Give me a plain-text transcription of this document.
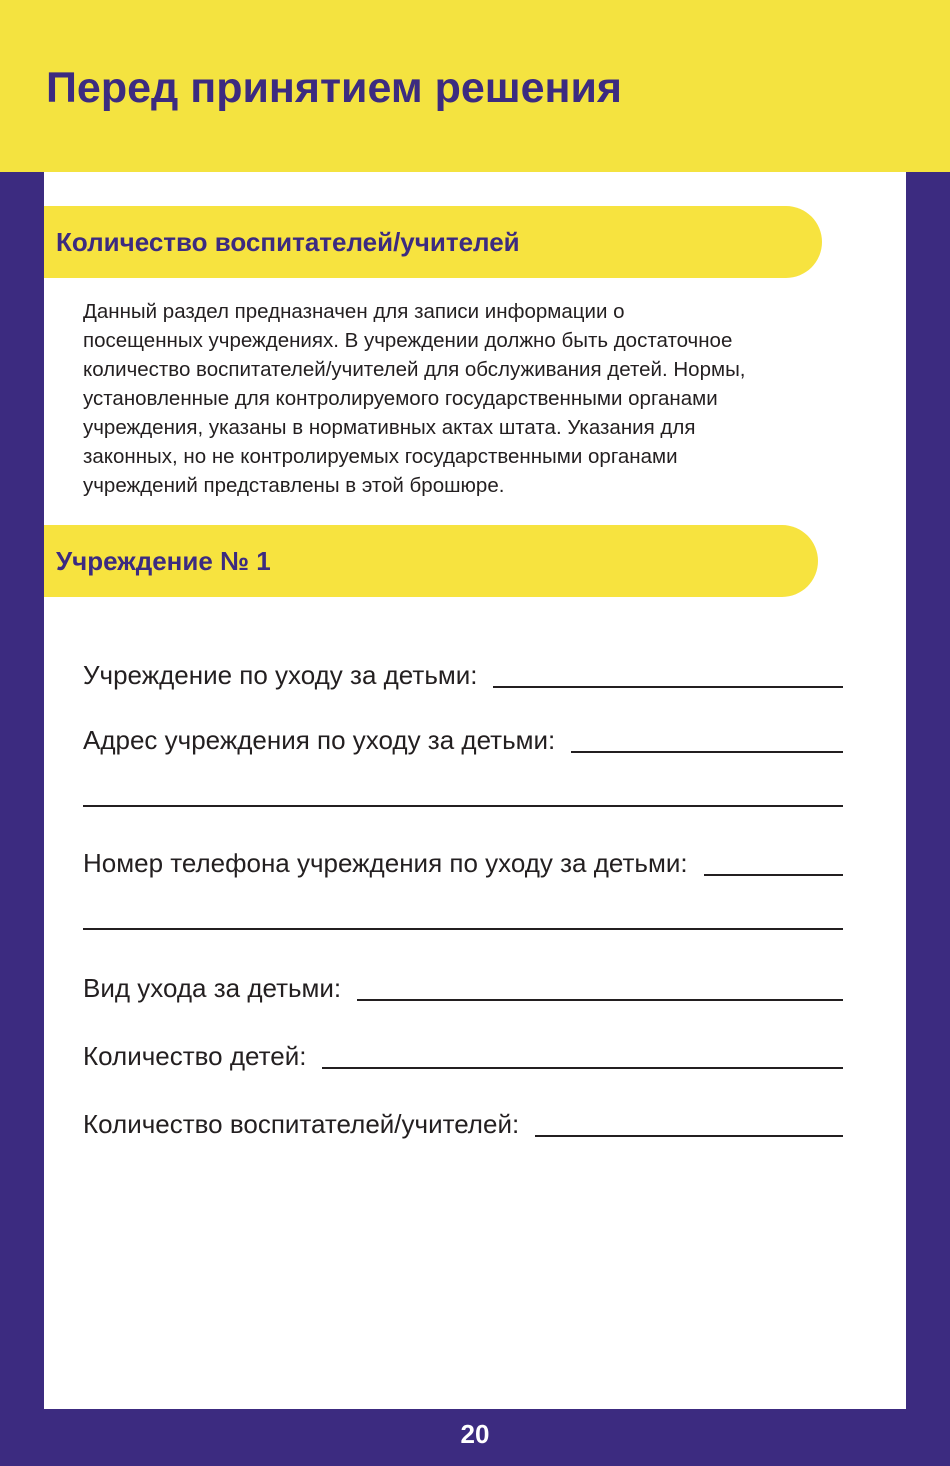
Перед принятием решения
Количество воспитателей/учителей
Данный раздел предназначен для записи информации о
посещенных учреждениях. В учреждении должно быть достаточное
количество воспитателей/учителей для обслуживания детей. Нормы,
установленные для контролируемого государственными органами
учреждения, указаны в нормативных актах штата. Указания для
законных, но не контролируемых государственными органами
учреждений представлены в этой брошюре.
Учреждение № 1
Учреждение по уходу за детьми:
Адрес учреждения по уходу за детьми:
Номер телефона учреждения по уходу за детьми:
Вид ухода за детьми:
Количество детей:
Количество воспитателей/учителей:
20
